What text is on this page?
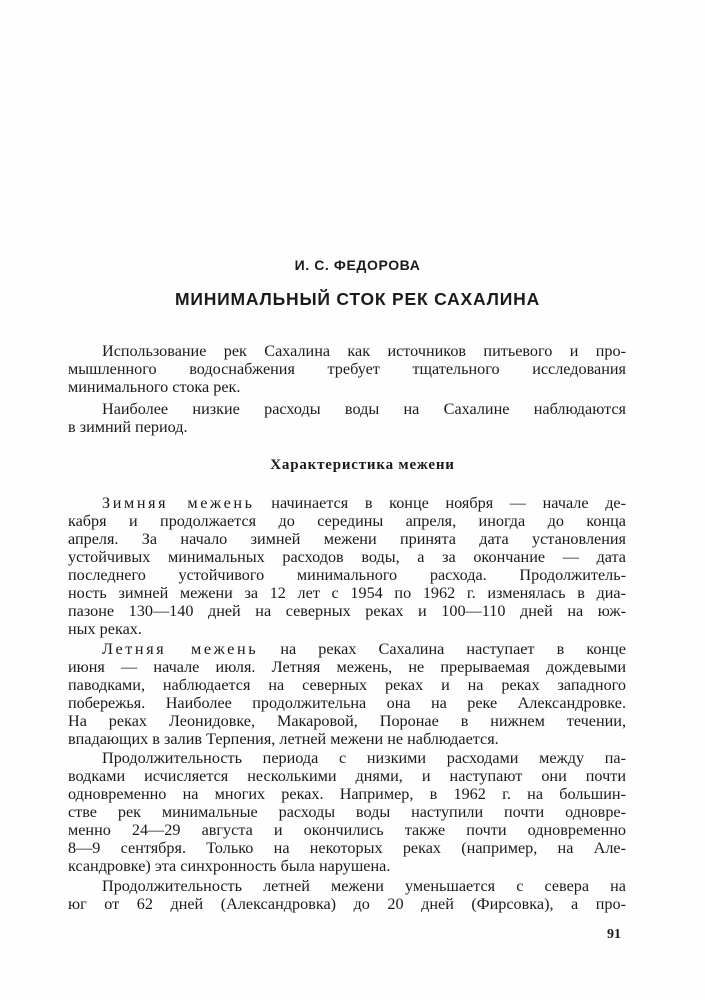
И. С. ФЕДОРОВА
МИНИМАЛЬНЫЙ СТОК РЕК САХАЛИНА
Использование рек Сахалина как источников питьевого и про-
мышленного водоснабжения требует тщательного исследования
минимального стока рек.
Наиболее низкие расходы воды на Сахалине наблюдаются
в зимний период.
Характеристика межени
Зимняя межень начинается в конце ноября — начале де-
кабря и продолжается до середины апреля, иногда до конца
апреля. За начало зимней межени принята дата установления
устойчивых минимальных расходов воды, а за окончание — дата
последнего устойчивого минимального расхода. Продолжитель-
ность зимней межени за 12 лет с 1954 по 1962 г. изменялась в диа-
пазоне 130—140 дней на северных реках и 100—110 дней на юж-
ных реках.
Летняя межень на реках Сахалина наступает в конце
июня — начале июля. Летняя межень, не прерываемая дождевыми
паводками, наблюдается на северных реках и на реках западного
побережья. Наиболее продолжительна она на реке Александровке.
На реках Леонидовке, Макаровой, Поронае в нижнем течении,
впадающих в залив Терпения, летней межени не наблюдается.
Продолжительность периода с низкими расходами между па-
водками исчисляется несколькими днями, и наступают они почти
одновременно на многих реках. Например, в 1962 г. на большин-
стве рек минимальные расходы воды наступили почти одновре-
менно 24—29 августа и окончились также почти одновременно
8—9 сентября. Только на некоторых реках (например, на Але-
ксандровке) эта синхронность была нарушена.
Продолжительность летней межени уменьшается с севера на
юг от 62 дней (Александровка) до 20 дней (Фирсовка), а про-
91
